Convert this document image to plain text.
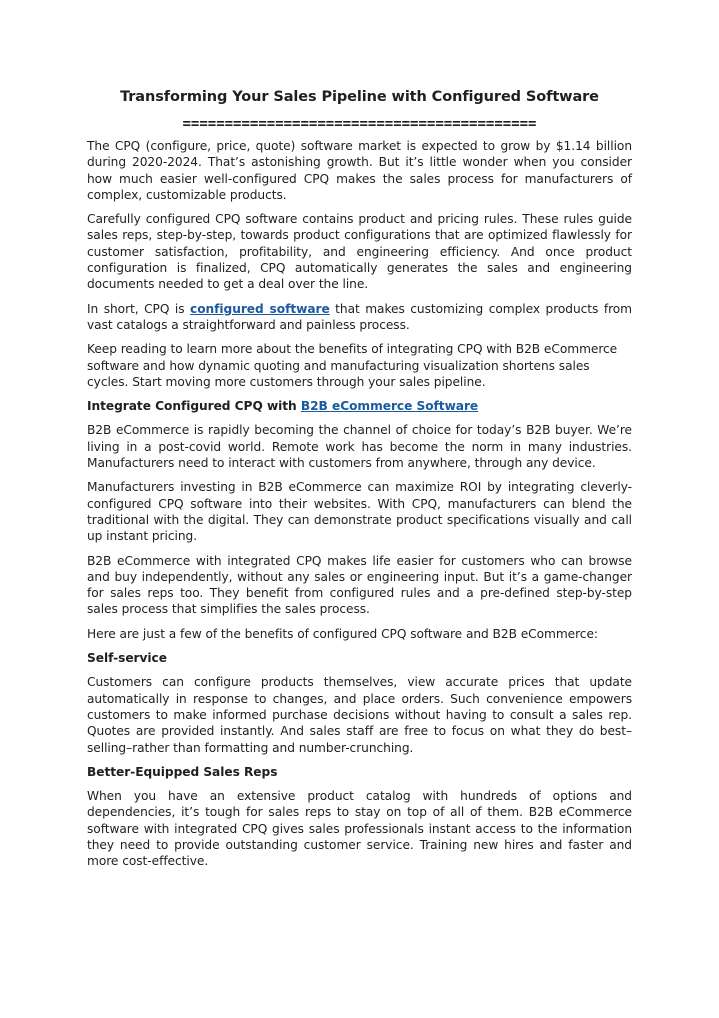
Transforming Your Sales Pipeline with Configured Software
==========================================

The CPQ (configure, price, quote) software market is expected to grow by $1.14 billion during 2020-2024. That’s astonishing growth. But it’s little wonder when you consider how much easier well-configured CPQ makes the sales process for manufacturers of complex, customizable products.

Carefully configured CPQ software contains product and pricing rules. These rules guide sales reps, step-by-step, towards product configurations that are optimized flawlessly for customer satisfaction, profitability, and engineering efficiency. And once product configuration is finalized, CPQ automatically generates the sales and engineering documents needed to get a deal over the line.

In short, CPQ is configured software that makes customizing complex products from vast catalogs a straightforward and painless process.

Keep reading to learn more about the benefits of integrating CPQ with B2B eCommerce software and how dynamic quoting and manufacturing visualization shortens sales cycles. Start moving more customers through your sales pipeline.

Integrate Configured CPQ with B2B eCommerce Software

B2B eCommerce is rapidly becoming the channel of choice for today’s B2B buyer. We’re living in a post-covid world. Remote work has become the norm in many industries. Manufacturers need to interact with customers from anywhere, through any device.

Manufacturers investing in B2B eCommerce can maximize ROI by integrating cleverly-configured CPQ software into their websites. With CPQ, manufacturers can blend the traditional with the digital. They can demonstrate product specifications visually and call up instant pricing.

B2B eCommerce with integrated CPQ makes life easier for customers who can browse and buy independently, without any sales or engineering input. But it’s a game-changer for sales reps too. They benefit from configured rules and a pre-defined step-by-step sales process that simplifies the sales process.

Here are just a few of the benefits of configured CPQ software and B2B eCommerce:

Self-service

Customers can configure products themselves, view accurate prices that update automatically in response to changes, and place orders. Such convenience empowers customers to make informed purchase decisions without having to consult a sales rep. Quotes are provided instantly. And sales staff are free to focus on what they do best–selling–rather than formatting and number-crunching.

Better-Equipped Sales Reps

When you have an extensive product catalog with hundreds of options and dependencies, it’s tough for sales reps to stay on top of all of them. B2B eCommerce software with integrated CPQ gives sales professionals instant access to the information they need to provide outstanding customer service. Training new hires and faster and more cost-effective.
